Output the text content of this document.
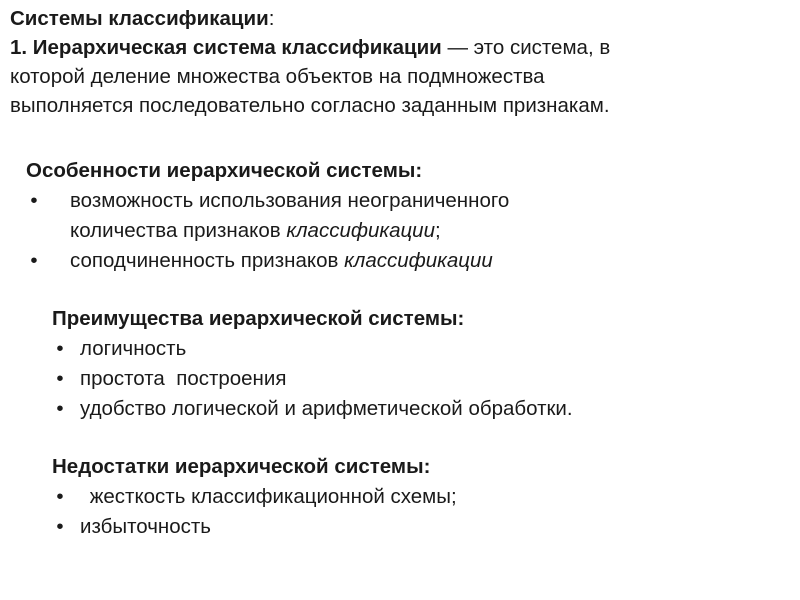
Системы классификации:
1. Иерархическая система классификации — это система, в
которой деление множества объектов на подмножества
выполняется последовательно согласно заданным признакам.

Особенности иерархической системы:

• возможность использования неограниченного
количества признаков классификации;
• соподчиненность признаков классификации

Преимущества иерархической системы:

• логичность
• простота  построения
• удобство логической и арифметической обработки.

Недостатки иерархической системы:

• жесткость классификационной схемы;
• избыточность
